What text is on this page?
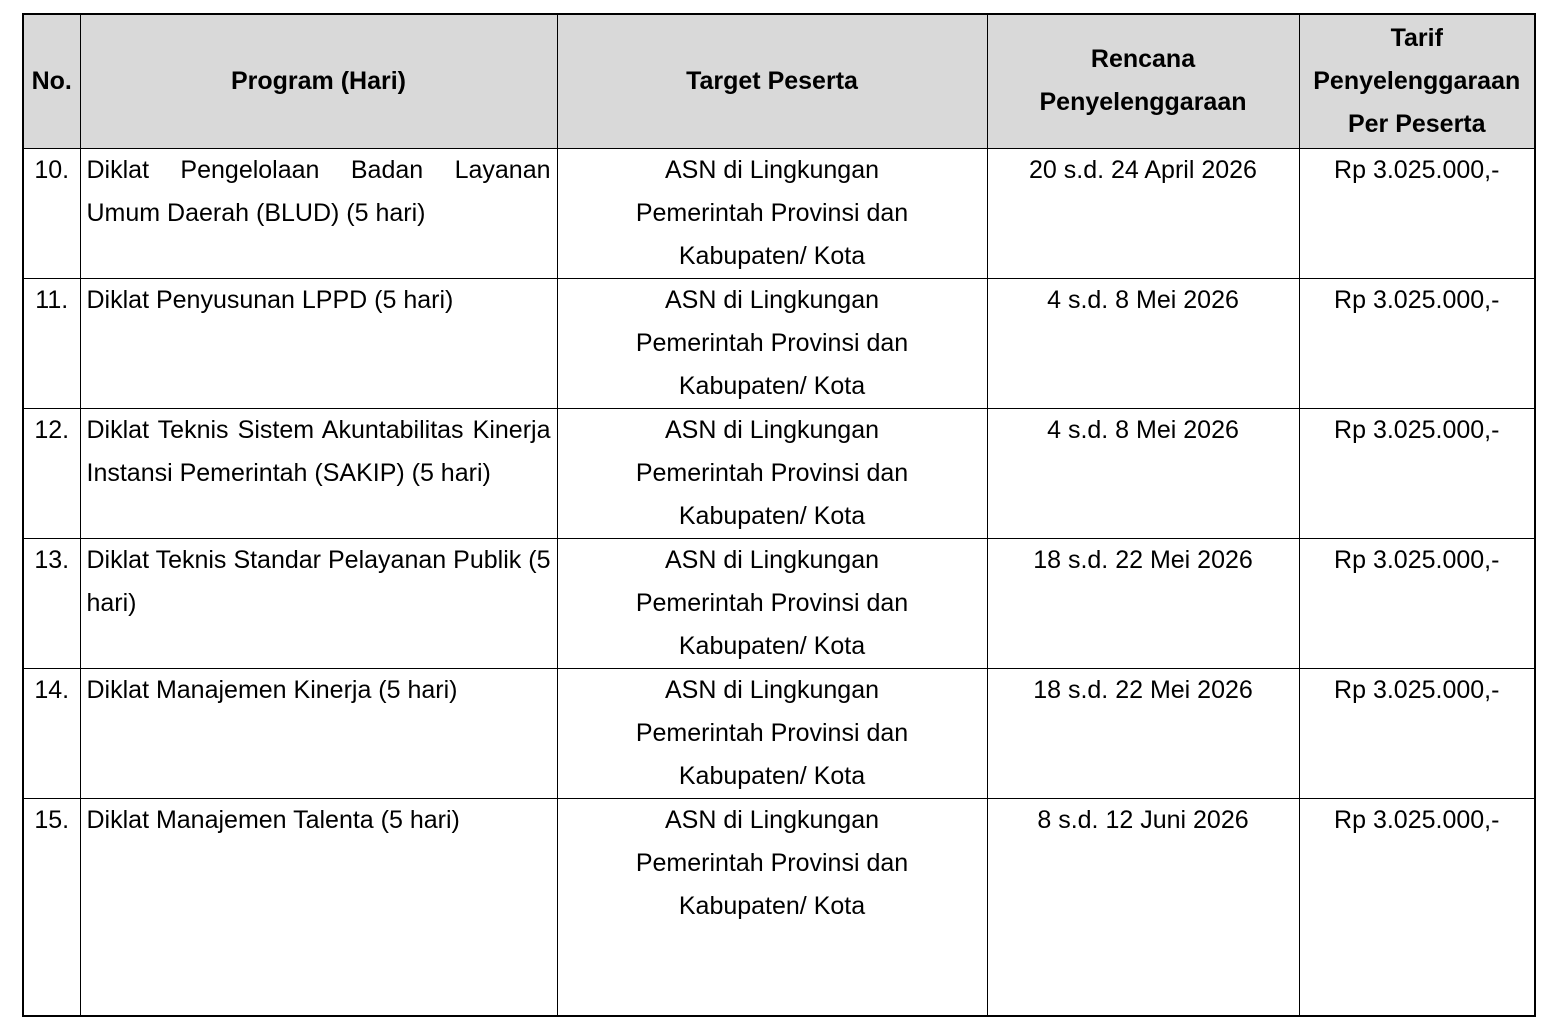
No.	Program (Hari)	Target Peserta	Rencana Penyelenggaraan	Tarif Penyelenggaraan Per Peserta
10.	Diklat Pengelolaan Badan Layanan Umum Daerah (BLUD) (5 hari)	ASN di Lingkungan
Pemerintah Provinsi dan
Kabupaten/ Kota	20 s.d. 24 April 2026	Rp 3.025.000,-
11.	Diklat Penyusunan LPPD (5 hari)	ASN di Lingkungan
Pemerintah Provinsi dan
Kabupaten/ Kota	4 s.d. 8 Mei 2026	Rp 3.025.000,-
12.	Diklat Teknis Sistem Akuntabilitas Kinerja Instansi Pemerintah (SAKIP) (5 hari)	ASN di Lingkungan
Pemerintah Provinsi dan
Kabupaten/ Kota	4 s.d. 8 Mei 2026	Rp 3.025.000,-
13.	Diklat Teknis Standar Pelayanan Publik (5 hari)	ASN di Lingkungan
Pemerintah Provinsi dan
Kabupaten/ Kota	18 s.d. 22 Mei 2026	Rp 3.025.000,-
14.	Diklat Manajemen Kinerja (5 hari)	ASN di Lingkungan
Pemerintah Provinsi dan
Kabupaten/ Kota	18 s.d. 22 Mei 2026	Rp 3.025.000,-
15.	Diklat Manajemen Talenta (5 hari)	ASN di Lingkungan
Pemerintah Provinsi dan
Kabupaten/ Kota	8 s.d. 12 Juni 2026	Rp 3.025.000,-
